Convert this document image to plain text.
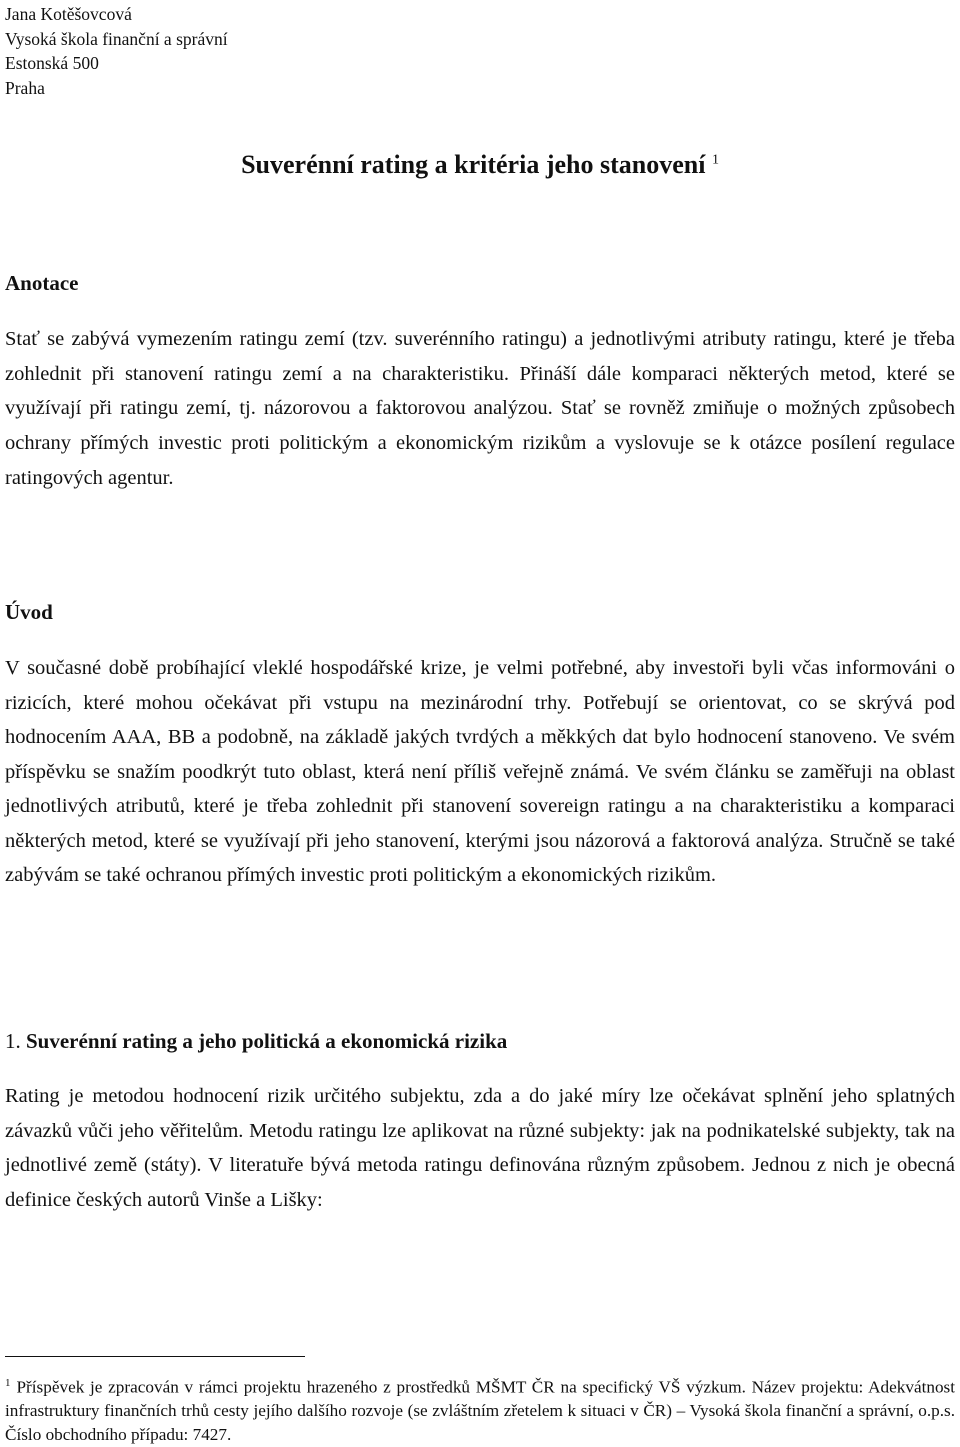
Jana Kotěšovcová
Vysoká škola finanční a správní
Estonská 500
Praha
Suverénní rating a kritéria jeho stanovení $^1$
Anotace
Stať se zabývá vymezením ratingu zemí (tzv. suverénního ratingu) a jednotlivými atributy ratingu, které je třeba zohlednit při stanovení ratingu zemí a na charakteristiku. Přináší dále komparaci některých metod, které se využívají při ratingu zemí, tj. názorovou a faktorovou analýzou. Stať se rovněž zmiňuje o možných způsobech ochrany přímých investic proti politickým a ekonomickým rizikům a vyslovuje se k otázce posílení regulace ratingových agentur.
Úvod
V současné době probíhající vleklé hospodářské krize, je velmi potřebné, aby investoři byli včas informováni o rizicích, které mohou očekávat při vstupu na mezinárodní trhy. Potřebují se orientovat, co se skrývá pod hodnocením AAA, BB a podobně, na základě jakých tvrdých a měkkých dat bylo hodnocení stanoveno. Ve svém příspěvku se snažím poodkrýt tuto oblast, která není příliš veřejně známá. Ve svém článku se zaměřuji na oblast jednotlivých atributů, které je třeba zohlednit při stanovení sovereign ratingu a na charakteristiku a komparaci některých metod, které se využívají při jeho stanovení, kterými jsou názorová a faktorová analýza. Stručně se také zabývám se také ochranou přímých investic proti politickým a ekonomických rizikům.
1. Suverénní rating a jeho politická a ekonomická rizika
Rating je metodou hodnocení rizik určitého subjektu, zda a do jaké míry lze očekávat splnění jeho splatných závazků vůči jeho věřitelům. Metodu ratingu lze aplikovat na různé subjekty: jak na podnikatelské subjekty, tak na jednotlivé země (státy). V literatuře bývá metoda ratingu definována různým způsobem. Jednou z nich je obecná definice českých autorů Vinše a Lišky:
$^1$ Příspěvek je zpracován v rámci projektu hrazeného z prostředků MŠMT ČR na specifický VŠ výzkum. Název projektu: Adekvátnost infrastruktury finančních trhů cesty jejího dalšího rozvoje (se zvláštním zřetelem k situaci v ČR) – Vysoká škola finanční a správní, o.p.s. Číslo obchodního případu: 7427.
